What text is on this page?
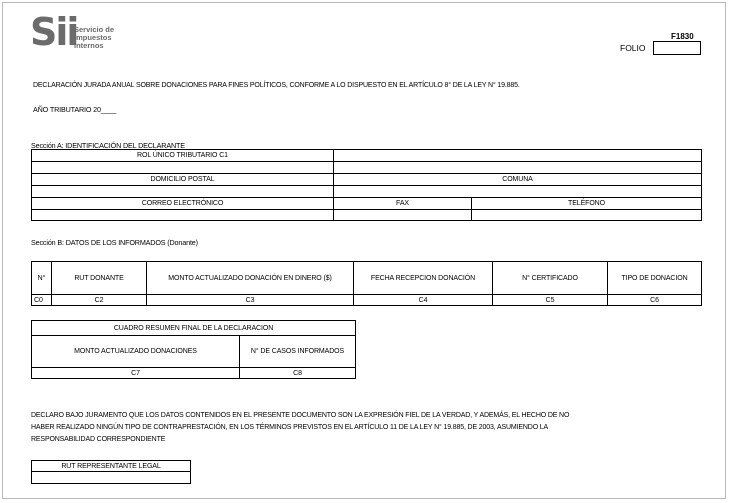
Sii
Servicio de
Impuestos
Internos
F1830
FOLIO
DECLARACIÓN JURADA ANUAL SOBRE DONACIONES PARA FINES POLÍTICOS, CONFORME A LO DISPUESTO EN EL ARTÍCULO 8° DE LA LEY N° 19.885.
AÑO TRIBUTARIO 20____
Sección A: IDENTIFICACIÓN DEL DECLARANTE
ROL ÚNICO TRIBUTARIO C1		

DOMICILIO POSTAL	COMUNA	

CORREO ELECTRÓNICO	FAX	TELÉFONO

Sección B: DATOS DE LOS INFORMADOS (Donante)
N°	RUT DONANTE	MONTO ACTUALIZADO DONACIÓN EN DINERO ($)	FECHA RECEPCION DONACIÓN	N° CERTIFICADO	TIPO DE DONACION
C0	C2	C3	C4	C5	C6
CUADRO RESUMEN FINAL DE LA DECLARACION	
MONTO ACTUALIZADO DONACIONES	N° DE CASOS INFORMADOS
C7	C8
DECLARO BAJO JURAMENTO QUE LOS DATOS CONTENIDOS EN EL PRESENTE DOCUMENTO SON LA EXPRESIÓN FIEL DE LA VERDAD, Y ADEMÁS, EL HECHO DE NO
HABER REALIZADO NINGÚN TIPO DE CONTRAPRESTACIÓN, EN LOS TÉRMINOS PREVISTOS EN EL ARTÍCULO 11 DE LA LEY N° 19.885, DE 2003, ASUMIENDO LA
RESPONSABILIDAD CORRESPONDIENTE
RUT REPRESENTANTE LEGAL
